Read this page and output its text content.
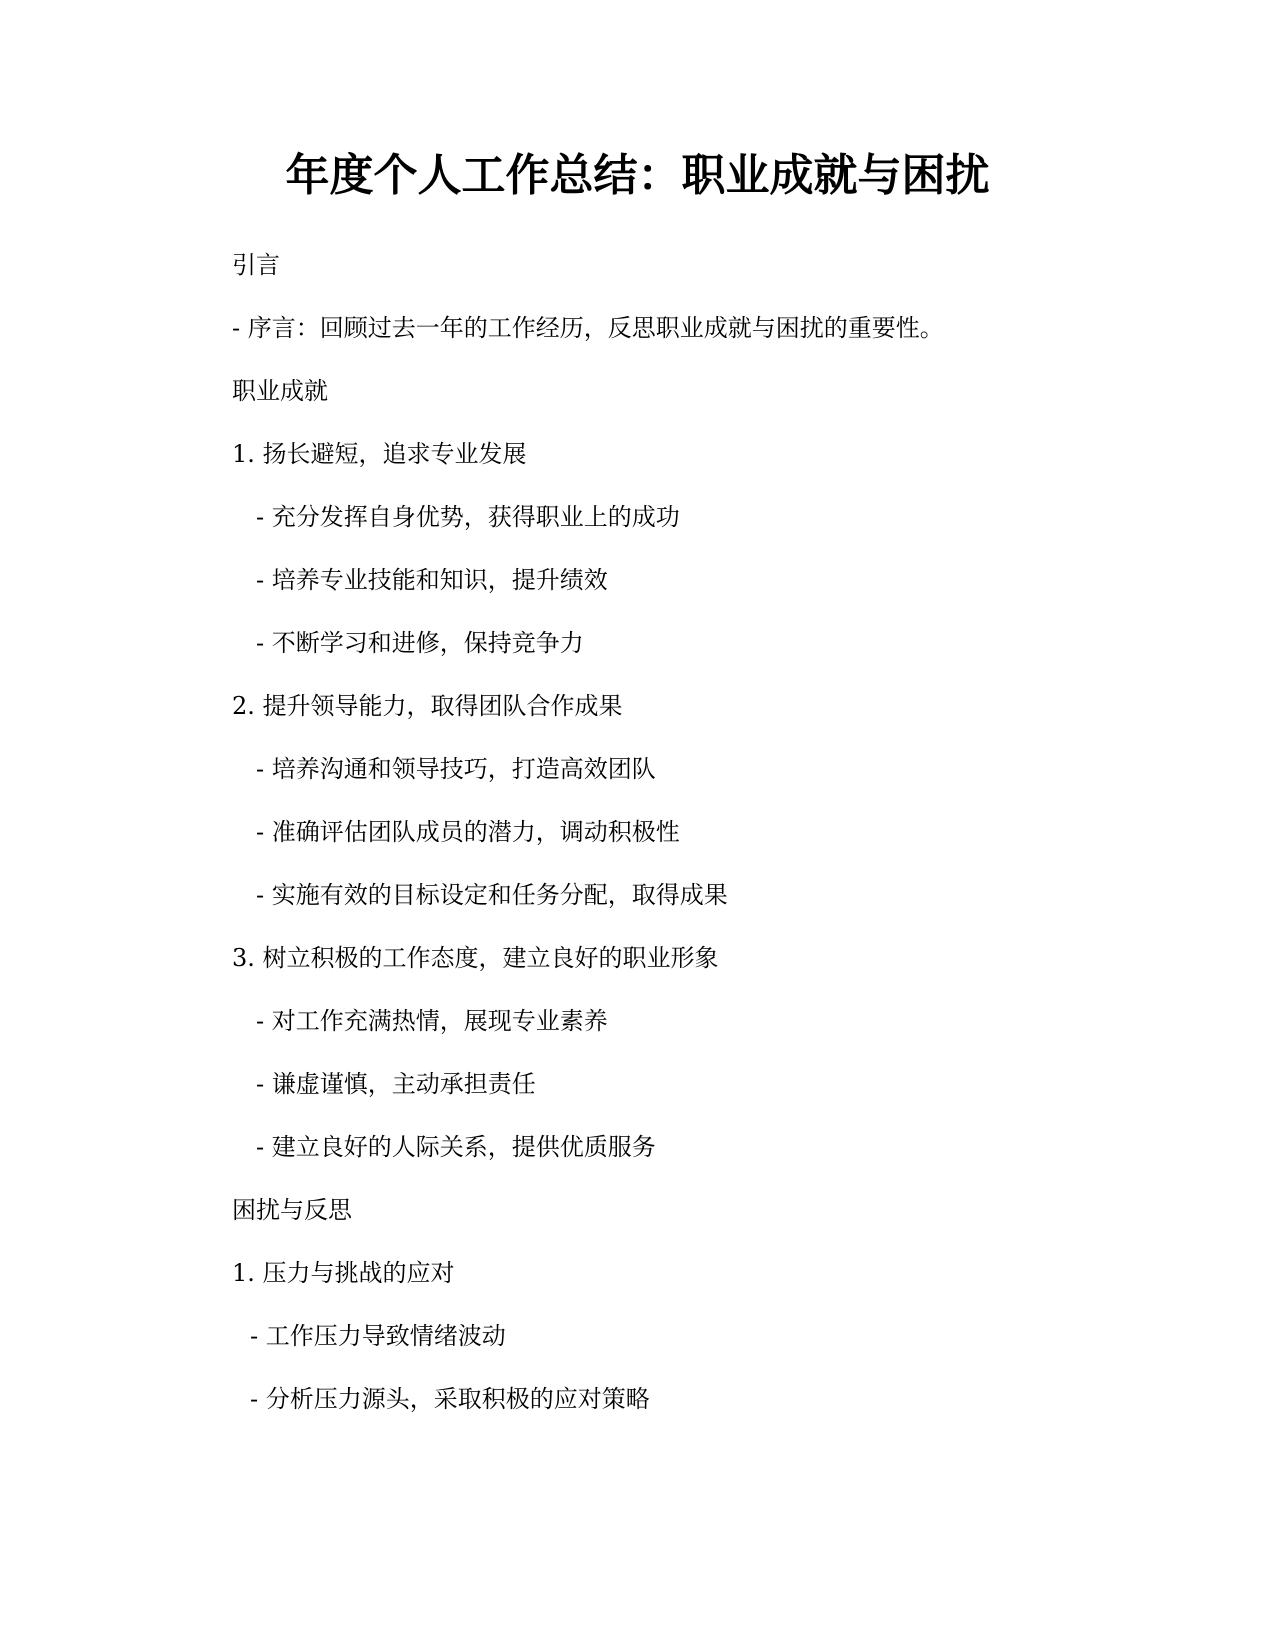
年度个人工作总结：职业成就与困扰
引言
- 序言：回顾过去一年的工作经历，反思职业成就与困扰的重要性。
职业成就
1. 扬长避短，追求专业发展
- 充分发挥自身优势，获得职业上的成功
- 培养专业技能和知识，提升绩效
- 不断学习和进修，保持竞争力
2. 提升领导能力，取得团队合作成果
- 培养沟通和领导技巧，打造高效团队
- 准确评估团队成员的潜力，调动积极性
- 实施有效的目标设定和任务分配，取得成果
3. 树立积极的工作态度，建立良好的职业形象
- 对工作充满热情，展现专业素养
- 谦虚谨慎，主动承担责任
- 建立良好的人际关系，提供优质服务
困扰与反思
1. 压力与挑战的应对
- 工作压力导致情绪波动
- 分析压力源头，采取积极的应对策略
